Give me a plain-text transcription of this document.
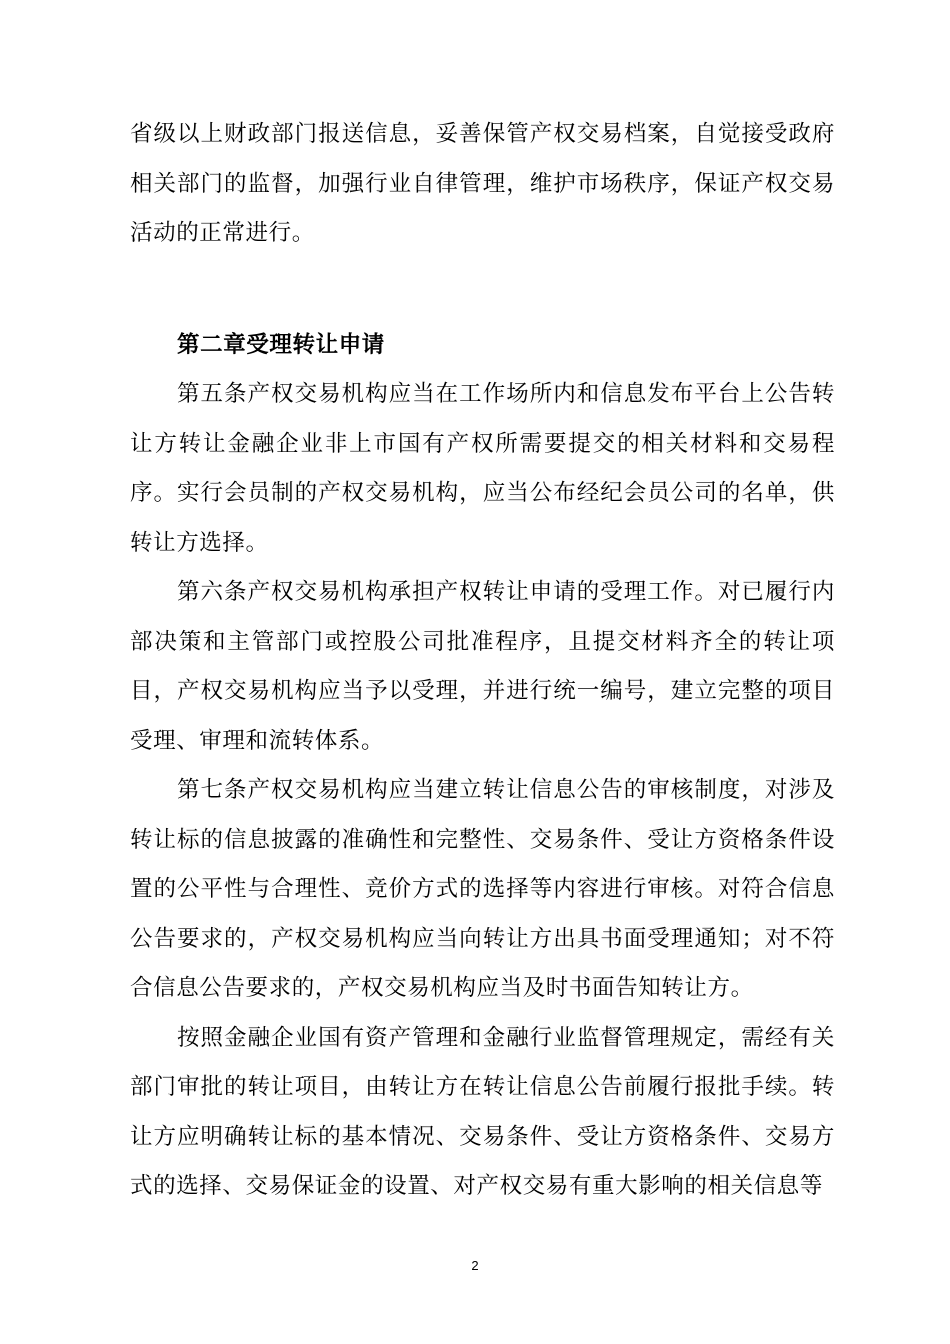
省级以上财政部门报送信息，妥善保管产权交易档案，自觉接受政府相关部门的监督，加强行业自律管理，维护市场秩序，保证产权交易活动的正常进行。

第二章受理转让申请

第五条产权交易机构应当在工作场所内和信息发布平台上公告转让方转让金融企业非上市国有产权所需要提交的相关材料和交易程序。实行会员制的产权交易机构，应当公布经纪会员公司的名单，供转让方选择。

第六条产权交易机构承担产权转让申请的受理工作。对已履行内部决策和主管部门或控股公司批准程序，且提交材料齐全的转让项目，产权交易机构应当予以受理，并进行统一编号，建立完整的项目受理、审理和流转体系。

第七条产权交易机构应当建立转让信息公告的审核制度，对涉及转让标的信息披露的准确性和完整性、交易条件、受让方资格条件设置的公平性与合理性、竞价方式的选择等内容进行审核。对符合信息公告要求的，产权交易机构应当向转让方出具书面受理通知；对不符合信息公告要求的，产权交易机构应当及时书面告知转让方。

按照金融企业国有资产管理和金融行业监督管理规定，需经有关部门审批的转让项目，由转让方在转让信息公告前履行报批手续。转让方应明确转让标的基本情况、交易条件、受让方资格条件、交易方式的选择、交易保证金的设置、对产权交易有重大影响的相关信息等

2
